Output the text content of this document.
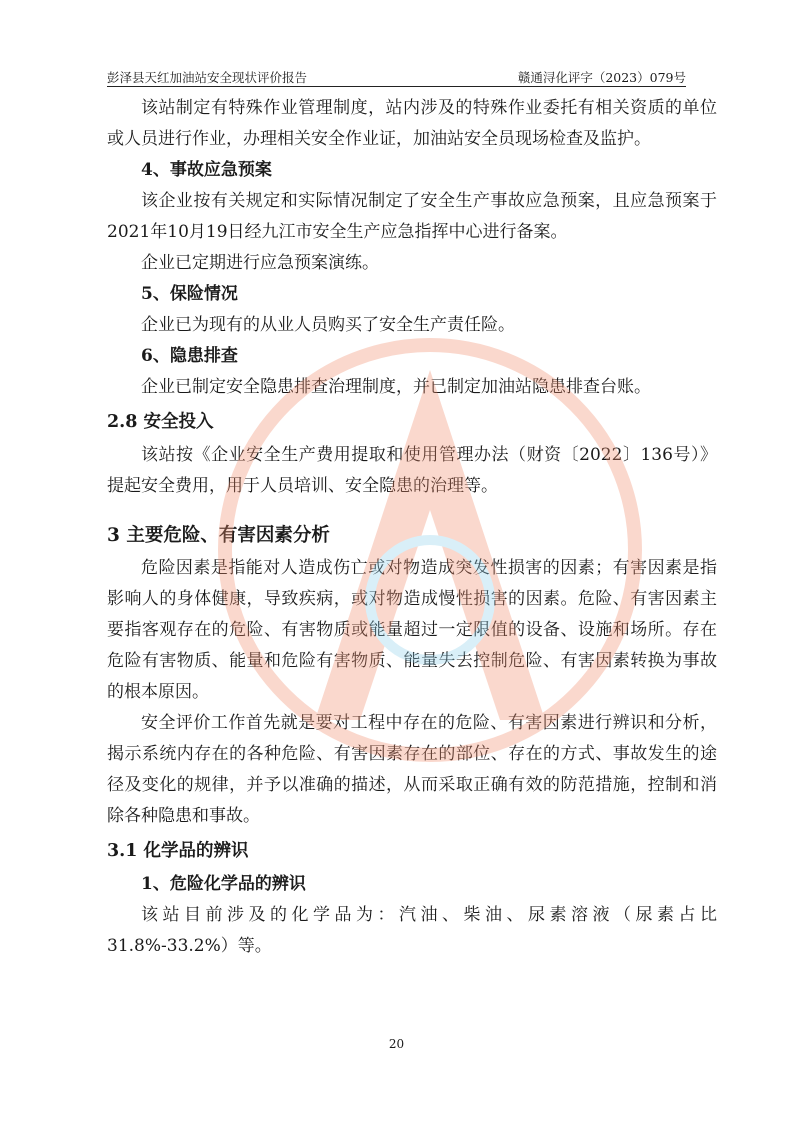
彭泽县天红加油站安全现状评价报告	赣通浔化评字（2023）079号

该站制定有特殊作业管理制度，站内涉及的特殊作业委托有相关资质的单位或人员进行作业，办理相关安全作业证，加油站安全员现场检查及监护。

4、事故应急预案

该企业按有关规定和实际情况制定了安全生产事故应急预案，且应急预案于2021年10月19日经九江市安全生产应急指挥中心进行备案。

企业已定期进行应急预案演练。

5、保险情况

企业已为现有的从业人员购买了安全生产责任险。

6、隐患排查

企业已制定安全隐患排查治理制度，并已制定加油站隐患排查台账。

2.8 安全投入

该站按《企业安全生产费用提取和使用管理办法（财资〔2022〕136号）》提起安全费用，用于人员培训、安全隐患的治理等。

3 主要危险、有害因素分析

危险因素是指能对人造成伤亡或对物造成突发性损害的因素；有害因素是指影响人的身体健康，导致疾病，或对物造成慢性损害的因素。危险、有害因素主要指客观存在的危险、有害物质或能量超过一定限值的设备、设施和场所。存在危险有害物质、能量和危险有害物质、能量失去控制危险、有害因素转换为事故的根本原因。

安全评价工作首先就是要对工程中存在的危险、有害因素进行辨识和分析，揭示系统内存在的各种危险、有害因素存在的部位、存在的方式、事故发生的途径及变化的规律，并予以准确的描述，从而采取正确有效的防范措施，控制和消除各种隐患和事故。

3.1 化学品的辨识

1、危险化学品的辨识

该站目前涉及的化学品为：汽油、柴油、尿素溶液（尿素占比31.8%-33.2%）等。

20
